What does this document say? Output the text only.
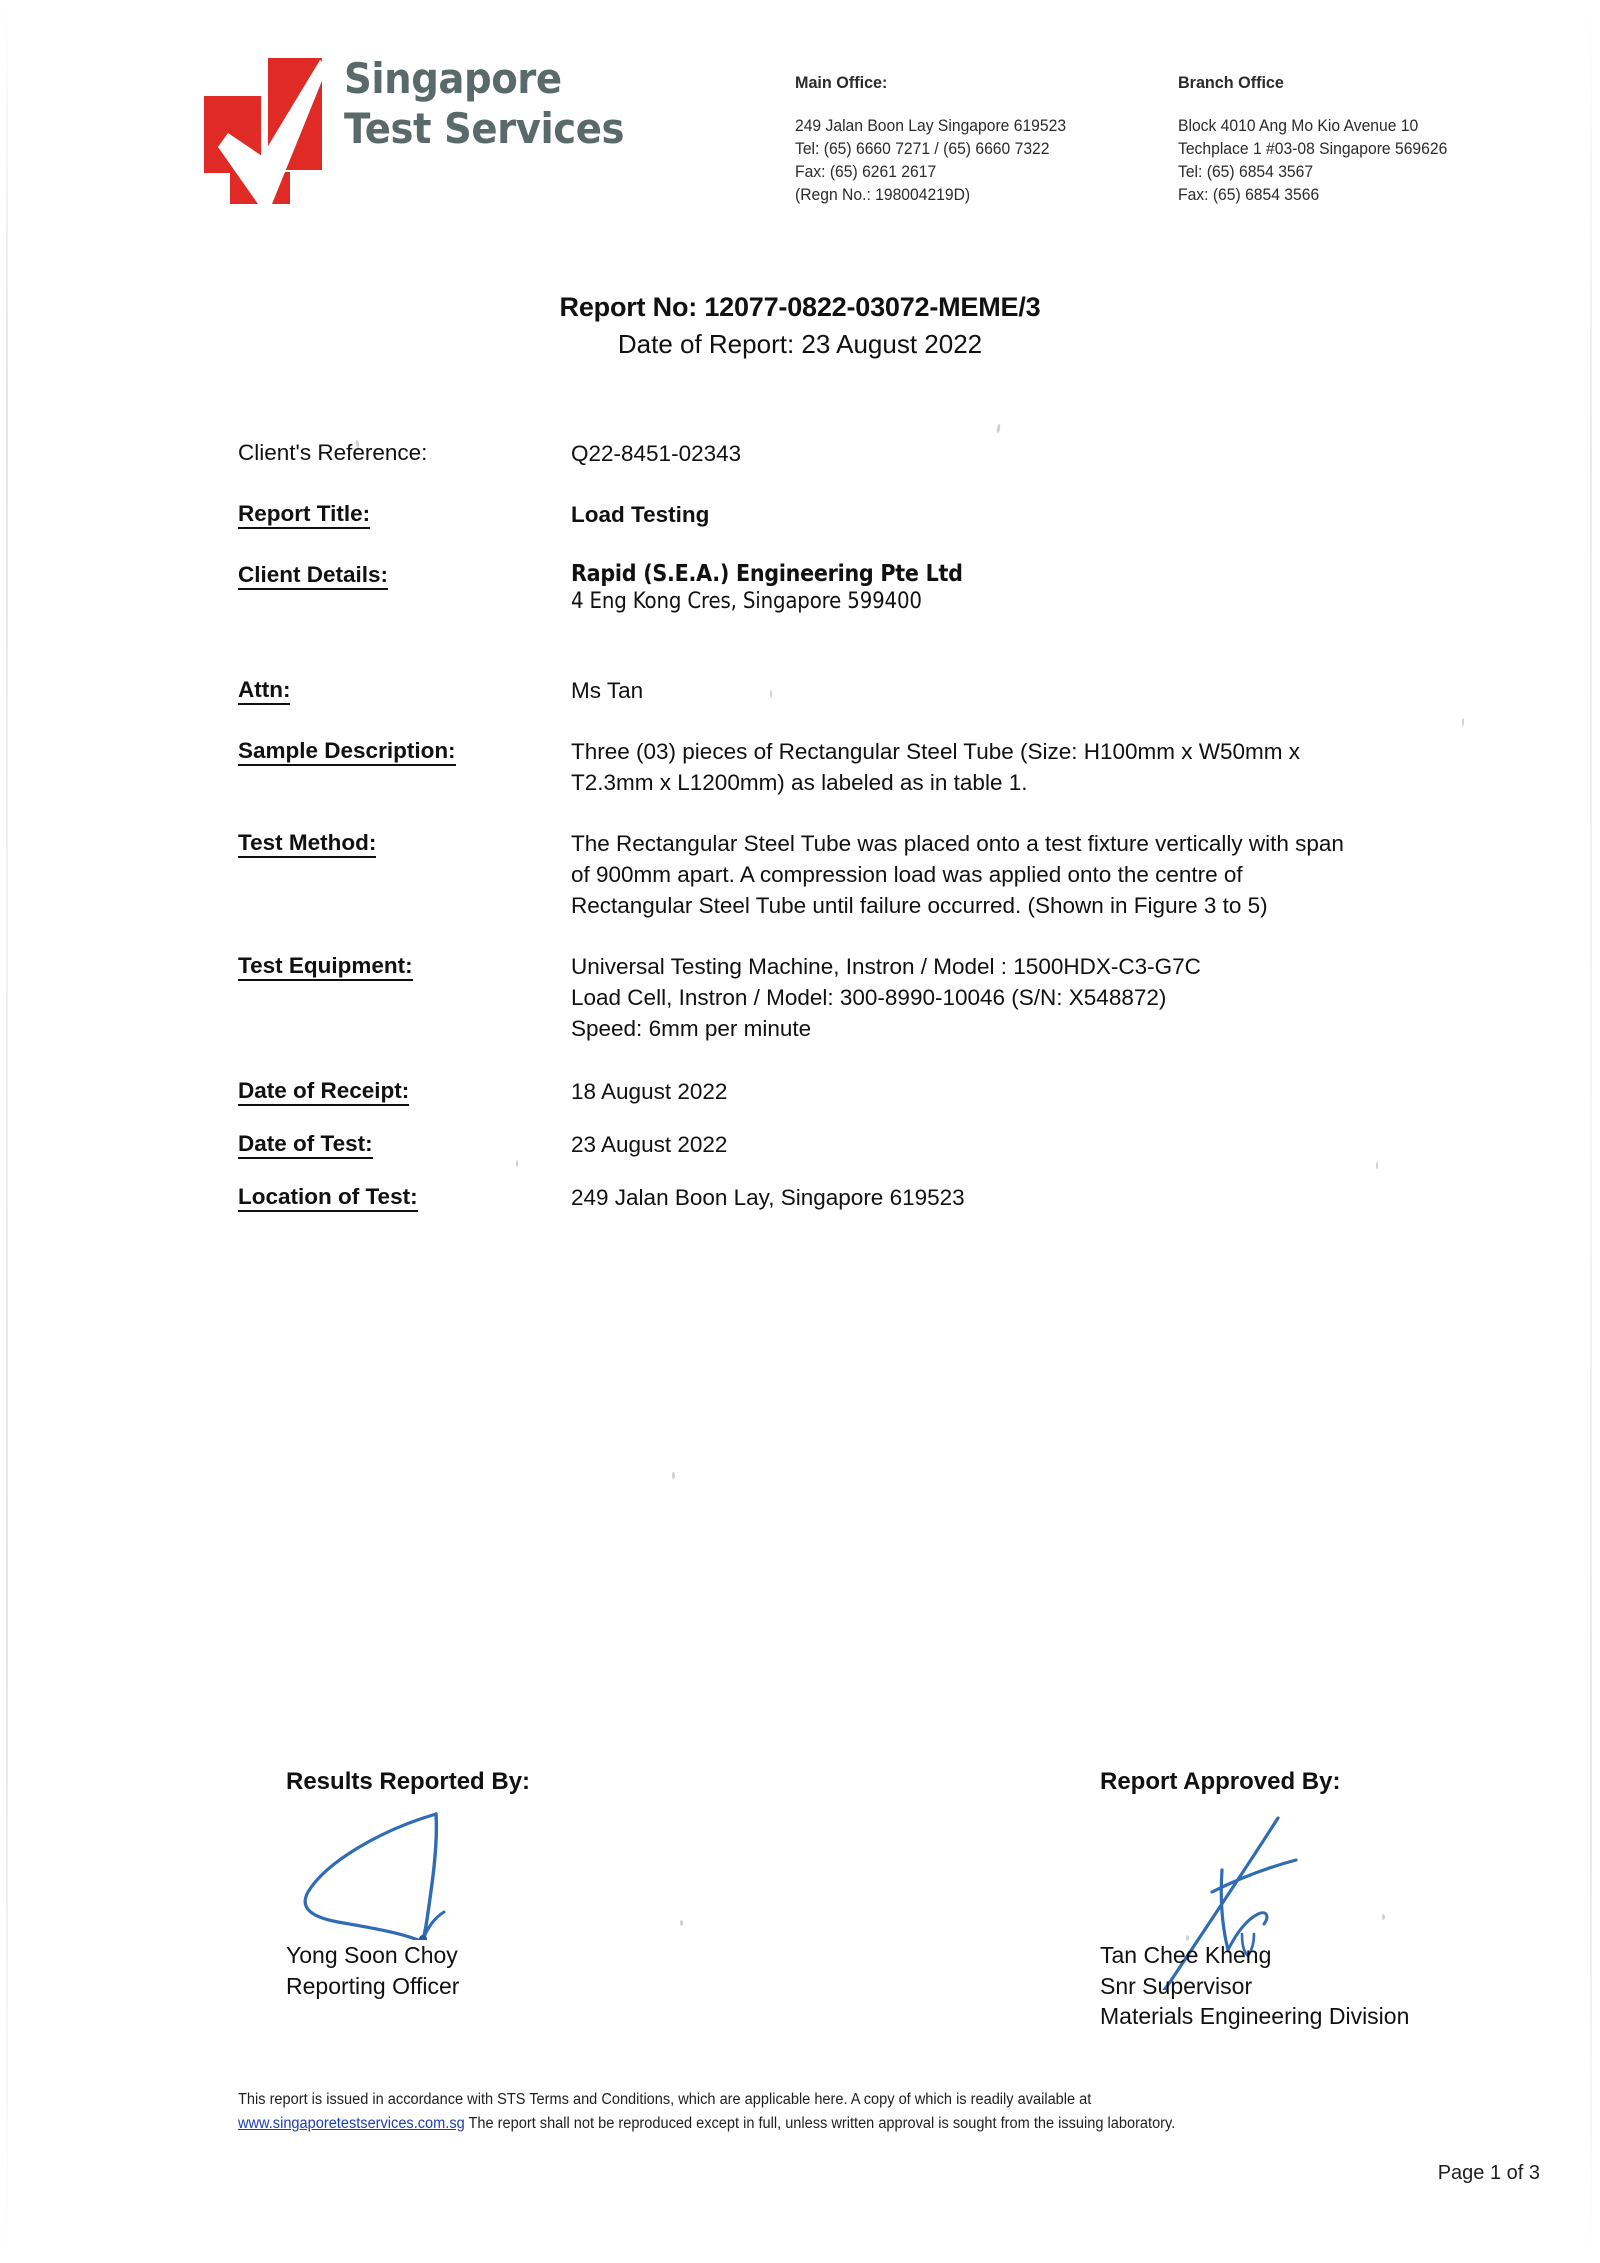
Singapore
Test Services
Main Office:
249 Jalan Boon Lay Singapore 619523
Tel: (65) 6660 7271 / (65) 6660 7322
Fax: (65) 6261 2617
(Regn No.: 198004219D)
Branch Office
Block 4010 Ang Mo Kio Avenue 10
Techplace 1 #03-08 Singapore 569626
Tel: (65) 6854 3567
Fax: (65) 6854 3566
Report No: 12077-0822-03072-MEME/3
Date of Report: 23 August 2022
Client's Reference:	Q22-8451-02343
Report Title:	Load Testing
Client Details:	Rapid (S.E.A.) Engineering Pte Ltd
4 Eng Kong Cres, Singapore 599400
Attn:	Ms Tan
Sample Description:	Three (03) pieces of Rectangular Steel Tube (Size: H100mm x W50mm x
T2.3mm x L1200mm) as labeled as in table 1.
Test Method:	The Rectangular Steel Tube was placed onto a test fixture vertically with span
of 900mm apart. A compression load was applied onto the centre of
Rectangular Steel Tube until failure occurred. (Shown in Figure 3 to 5)
Test Equipment:	Universal Testing Machine, Instron / Model : 1500HDX-C3-G7C
Load Cell, Instron / Model: 300-8990-10046 (S/N: X548872)
Speed: 6mm per minute
Date of Receipt:	18 August 2022
Date of Test:	23 August 2022
Location of Test:	249 Jalan Boon Lay, Singapore 619523
Results Reported By:
Yong Soon Choy
Reporting Officer
Report Approved By:
Tan Chee Kheng
Snr Supervisor
Materials Engineering Division
This report is issued in accordance with STS Terms and Conditions, which are applicable here. A copy of which is readily available at
www.singaporetestservices.com.sg The report shall not be reproduced except in full, unless written approval is sought from the issuing laboratory.
Page 1 of 3
